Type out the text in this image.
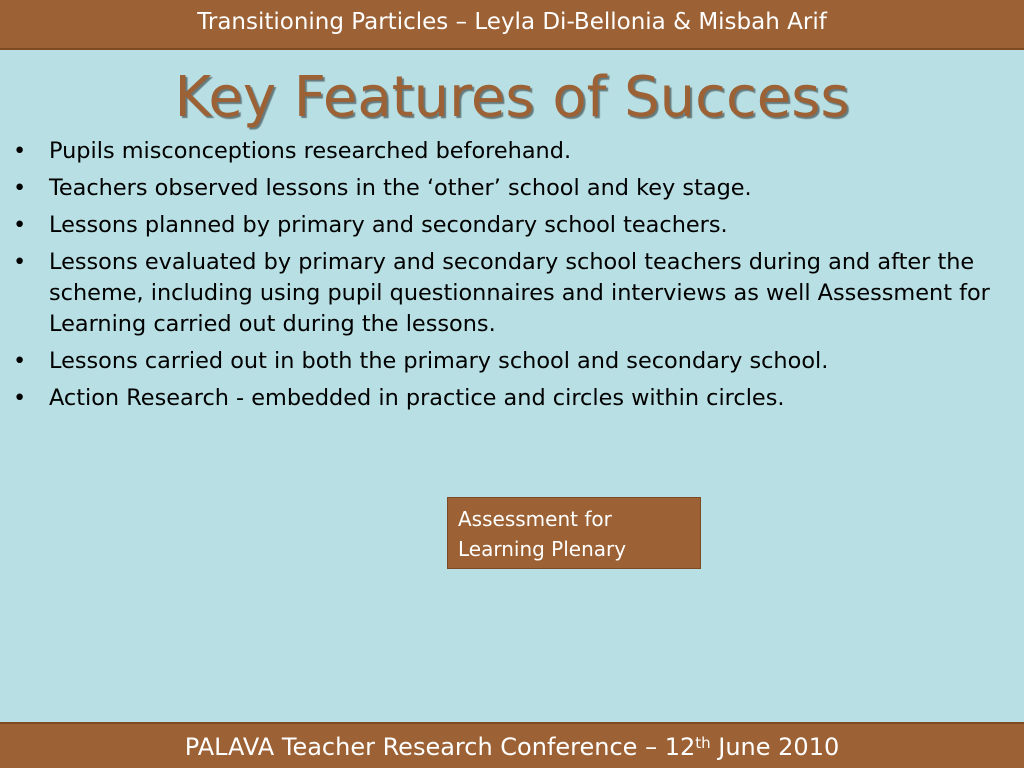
Transitioning Particles – Leyla Di-Bellonia & Misbah Arif
Key Features of Success
• Pupils misconceptions researched beforehand.
• Teachers observed lessons in the ‘other’ school and key stage.
• Lessons planned by primary and secondary school teachers.
• Lessons evaluated by primary and secondary school teachers during and after the scheme, including using pupil questionnaires and interviews as well Assessment for Learning carried out during the lessons.
• Lessons carried out in both the primary school and secondary school.
• Action Research - embedded in practice and circles within circles.
Assessment for
Learning Plenary
PALAVA Teacher Research Conference – 12th June 2010
